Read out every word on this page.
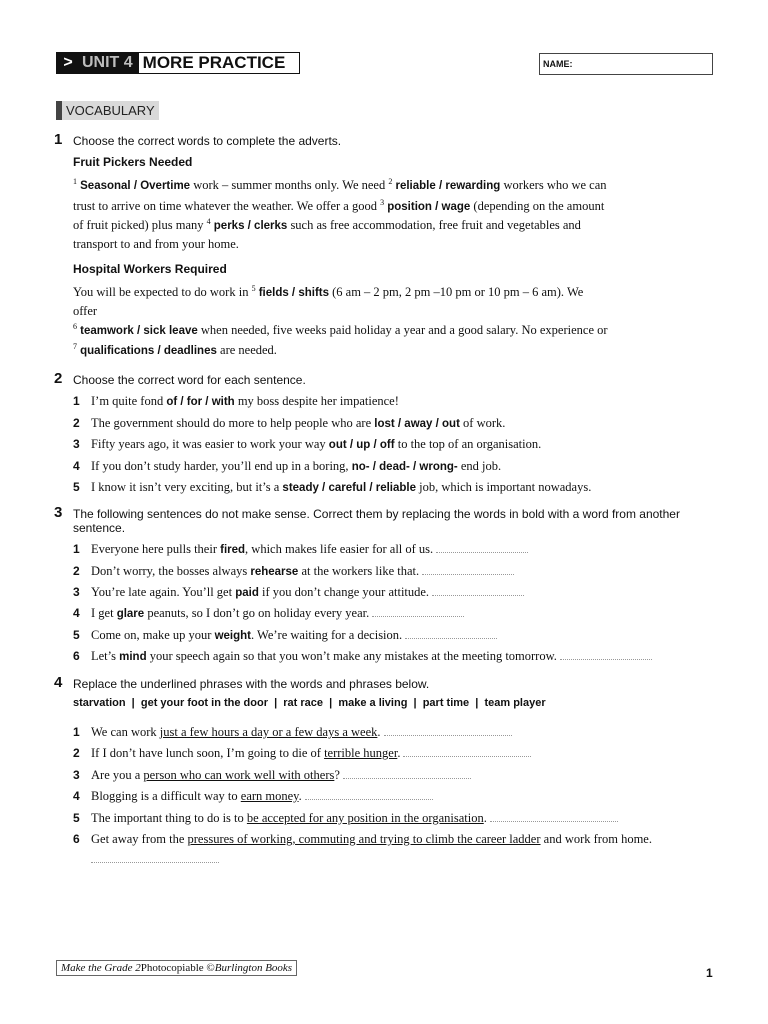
> UNIT 4 MORE PRACTICE	NAME:
VOCABULARY
1 Choose the correct words to complete the adverts.
Fruit Pickers Needed
$^1$ Seasonal / Overtime work – summer months only. We need $^2$ reliable / rewarding workers who we can
trust to arrive on time whatever the weather. We offer a good $^3$ position / wage (depending on the amount
of fruit picked) plus many $^4$ perks / clerks such as free accommodation, free fruit and vegetables and
transport to and from your home.
Hospital Workers Required
You will be expected to do work in $^5$ fields / shifts (6 am – 2 pm, 2 pm –10 pm or 10 pm – 6 am). We
offer
$^6$ teamwork / sick leave when needed, five weeks paid holiday a year and a good salary. No experience or
$^7$ qualifications / deadlines are needed.
2 Choose the correct word for each sentence.
1 I’m quite fond of / for / with my boss despite her impatience!
2 The government should do more to help people who are lost / away / out of work.
3 Fifty years ago, it was easier to work your way out / up / off to the top of an organisation.
4 If you don’t study harder, you’ll end up in a boring, no- / dead- / wrong- end job.
5 I know it isn’t very exciting, but it’s a steady / careful / reliable job, which is important nowadays.
3 The following sentences do not make sense. Correct them by replacing the words in bold with a word from another
sentence.
1 Everyone here pulls their fired, which makes life easier for all of us.
2 Don’t worry, the bosses always rehearse at the workers like that.
3 You’re late again. You’ll get paid if you don’t change your attitude.
4 I get glare peanuts, so I don’t go on holiday every year.
5 Come on, make up your weight. We’re waiting for a decision.
6 Let’s mind your speech again so that you won’t make any mistakes at the meeting tomorrow.
4 Replace the underlined phrases with the words and phrases below.
starvation  |  get your foot in the door  |  rat race  |  make a living  |  part time  |  team player
1 We can work just a few hours a day or a few days a week.
2 If I don’t have lunch soon, I’m going to die of terrible hunger.
3 Are you a person who can work well with others?
4 Blogging is a difficult way to earn money.
5 The important thing to do is to be accepted for any position in the organisation.
6 Get away from the pressures of working, commuting and trying to climb the career ladder and work from home.
Make the Grade 2 Photocopiable © Burlington Books	1
